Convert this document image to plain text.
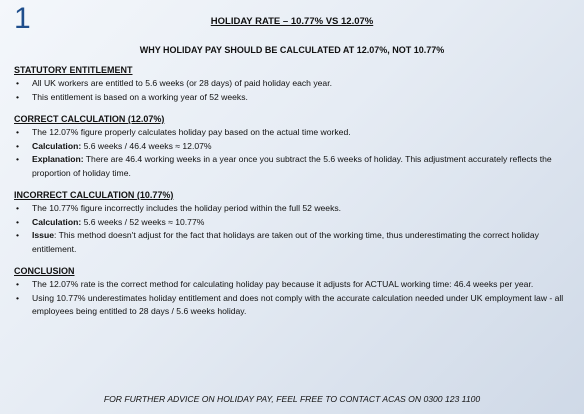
1	HOLIDAY RATE – 10.77% VS 12.07%
WHY HOLIDAY PAY SHOULD BE CALCULATED AT 12.07%, NOT 10.77%
STATUTORY ENTITLEMENT
• All UK workers are entitled to 5.6 weeks (or 28 days) of paid holiday each year.
• This entitlement is based on a working year of 52 weeks.
CORRECT CALCULATION (12.07%)
• The 12.07% figure properly calculates holiday pay based on the actual time worked.
• Calculation: 5.6 weeks / 46.4 weeks ≈ 12.07%
• Explanation: There are 46.4 working weeks in a year once you subtract the 5.6 weeks of holiday. This adjustment accurately reflects the proportion of holiday time.
INCORRECT CALCULATION (10.77%)
• The 10.77% figure incorrectly includes the holiday period within the full 52 weeks.
• Calculation: 5.6 weeks / 52 weeks ≈ 10.77%
• Issue: This method doesn't adjust for the fact that holidays are taken out of the working time, thus underestimating the correct holiday entitlement.
CONCLUSION
• The 12.07% rate is the correct method for calculating holiday pay because it adjusts for ACTUAL working time: 46.4 weeks per year.
• Using 10.77% underestimates holiday entitlement and does not comply with the accurate calculation needed under UK employment law - all employees being entitled to 28 days / 5.6 weeks holiday.
FOR FURTHER ADVICE ON HOLIDAY PAY, FEEL FREE TO CONTACT ACAS ON 0300 123 1100
